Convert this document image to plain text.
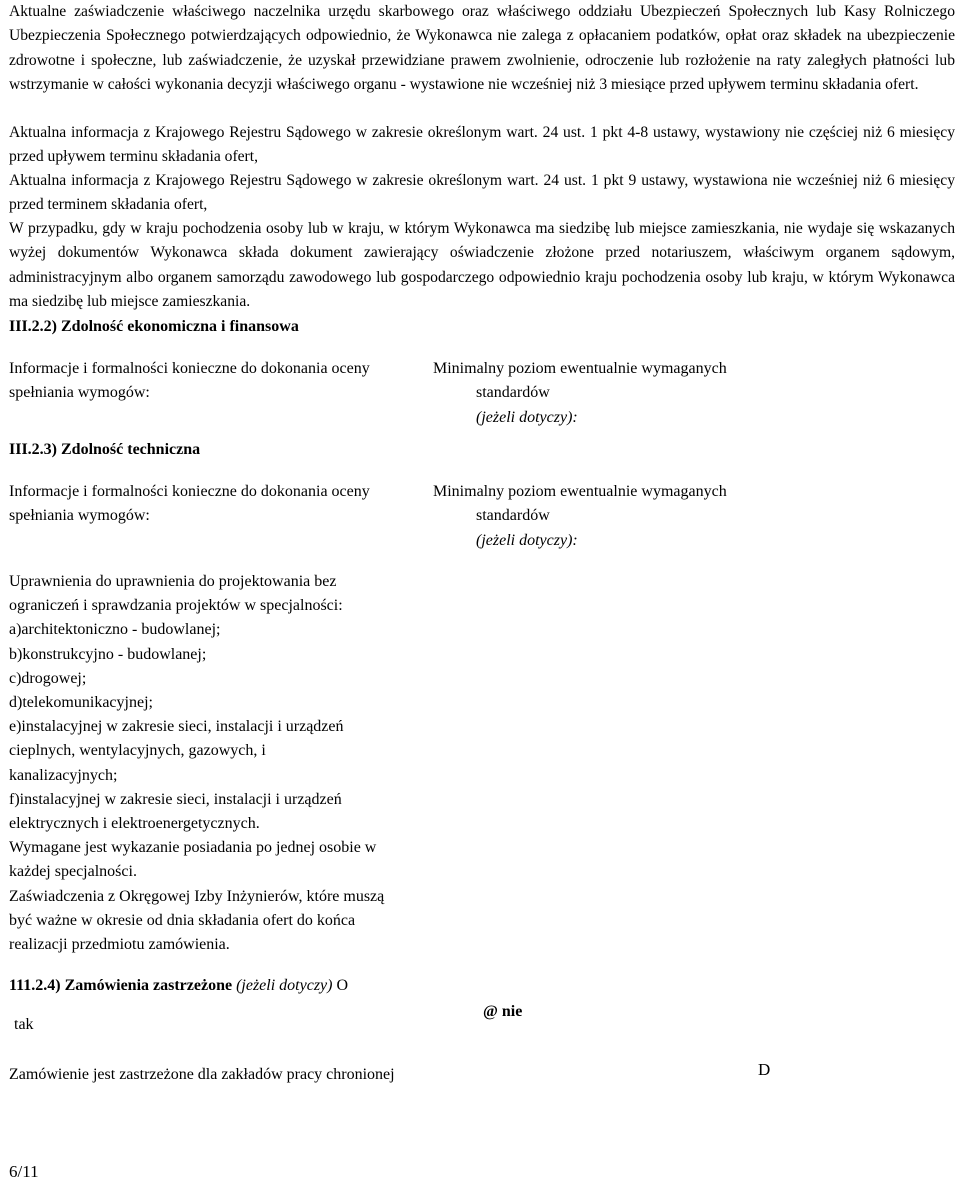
Aktualne zaświadczenie właściwego naczelnika urzędu skarbowego oraz właściwego oddziału Ubezpieczeń Społecznych lub Kasy Rolniczego Ubezpieczenia Społecznego potwierdzających odpowiednio, że Wykonawca nie zalega z opłacaniem podatków, opłat oraz składek na ubezpieczenie zdrowotne i społeczne, lub zaświadczenie, że uzyskał przewidziane prawem zwolnienie, odroczenie lub rozłożenie na raty zaległych płatności lub wstrzymanie w całości wykonania decyzji właściwego organu - wystawione nie wcześniej niż 3 miesiące przed upływem terminu składania ofert.

Aktualna informacja z Krajowego Rejestru Sądowego w zakresie określonym wart. 24 ust. 1 pkt 4-8 ustawy, wystawiony nie częściej niż 6 miesięcy przed upływem terminu składania ofert,

Aktualna informacja z Krajowego Rejestru Sądowego w zakresie określonym wart. 24 ust. 1 pkt 9 ustawy, wystawiona nie wcześniej niż 6 miesięcy przed terminem składania ofert,

W przypadku, gdy w kraju pochodzenia osoby lub w kraju, w którym Wykonawca ma siedzibę lub miejsce zamieszkania, nie wydaje się wskazanych wyżej dokumentów Wykonawca składa dokument zawierający oświadczenie złożone przed notariuszem, właściwym organem sądowym, administracyjnym albo organem samorządu zawodowego lub gospodarczego odpowiednio kraju pochodzenia osoby lub kraju, w którym Wykonawca ma siedzibę lub miejsce zamieszkania.

III.2.2) Zdolność ekonomiczna i finansowa

Informacje i formalności konieczne do dokonania oceny

spełniania wymogów:

Minimalny poziom ewentualnie wymaganych

standardów

(jeżeli dotyczy):

III.2.3) Zdolność techniczna

Informacje i formalności konieczne do dokonania oceny

spełniania wymogów:

Minimalny poziom ewentualnie wymaganych

standardów

(jeżeli dotyczy):

Uprawnienia do uprawnienia do projektowania bez
ograniczeń i sprawdzania projektów w specjalności:
a)architektoniczno - budowlanej;
b)konstrukcyjno - budowlanej;
c)drogowej;
d)telekomunikacyjnej;
e)instalacyjnej w zakresie sieci, instalacji i urządzeń
cieplnych, wentylacyjnych, gazowych, i
kanalizacyjnych;
f)instalacyjnej w zakresie sieci, instalacji i urządzeń
elektrycznych i elektroenergetycznych.
Wymagane jest wykazanie posiadania po jednej osobie w
każdej specjalności.
Zaświadczenia z Okręgowej Izby Inżynierów, które muszą
być ważne w okresie od dnia składania ofert do końca
realizacji przedmiotu zamówienia.

111.2.4) Zamówienia zastrzeżone (jeżeli dotyczy) O

tak

@ nie

Zamówienie jest zastrzeżone dla zakładów pracy chronionej	D

6/11
